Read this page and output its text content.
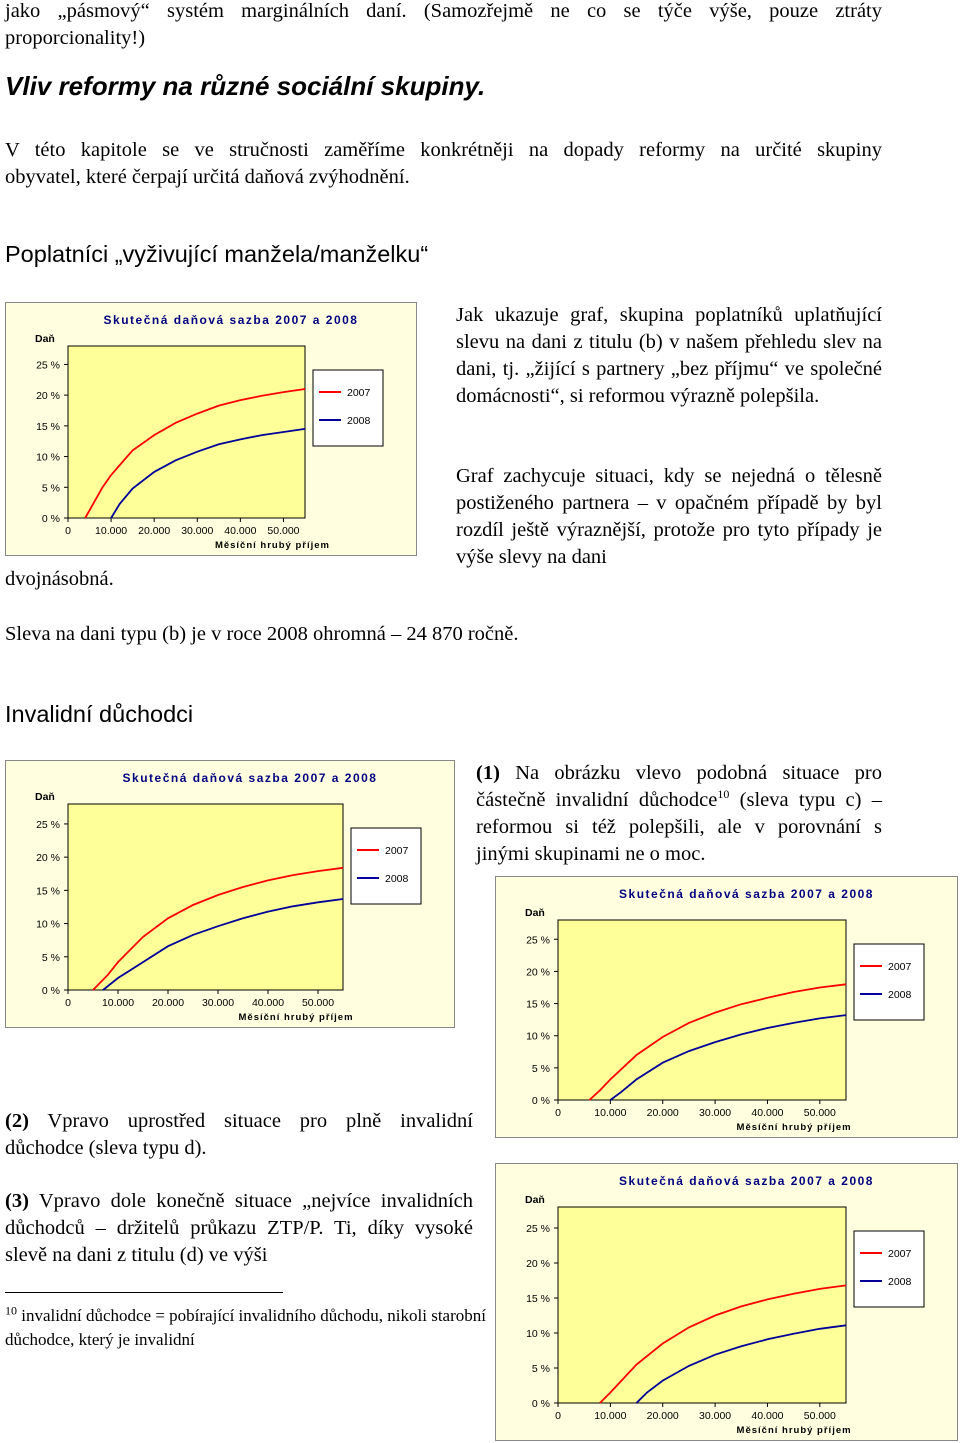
jako „pásmový“ systém marginálních daní. (Samozřejmě ne co se týče výše, pouze ztráty
proporcionality!)
Vliv reformy na různé sociální skupiny.
V této kapitole se ve stručnosti zaměříme konkrétněji na dopady reformy na určité skupiny
obyvatel, které čerpají určitá daňová zvýhodnění.
Poplatníci „vyživující manžela/manželku“
Skutečná daňová sazba 2007 a 2008
Daň
Měsíční hrubý příjem
0 %
5 %
10 %
15 %
20 %
25 %
0 10.000 20.000 30.000 40.000 50.000
2007
2008
Jak ukazuje graf, skupina poplatníků uplatňující slevu na dani z titulu (b) v našem přehledu slev na dani, tj. „žijící s partnery „bez příjmu“ ve společné domácnosti“, si reformou výrazně polepšila.
Graf zachycuje situaci, kdy se nejedná o tělesně postiženého partnera – v opačném případě by byl rozdíl ještě výraznější, protože pro tyto případy je výše slevy na dani
dvojnásobná.
Sleva na dani typu (b) je v roce 2008 ohromná – 24 870 ročně.
Invalidní důchodci
Skutečná daňová sazba 2007 a 2008
Daň
Měsíční hrubý příjem
0 %
5 %
10 %
15 %
20 %
25 %
0	10.000 20.000 30.000 40.000 50.000
2007
2008
(1) Na obrázku vlevo podobná situace pro částečně invalidní důchodce$^{10}$ (sleva typu c) – reformou si též polepšili, ale v porovnání s jinými skupinami ne o moc.
Skutečná daňová sazba 2007 a 2008
Daň
Měsíční hrubý příjem
0 %
5 %
10 %
15 %
20 %
25 %
0	10.000 20.000 30.000 40.000 50.000
2007
2008
(2) Vpravo uprostřed situace pro plně invalidní důchodce (sleva typu d).
(3) Vpravo dole konečně situace „nejvíce invalidních důchodců – držitelů průkazu ZTP/P. Ti, díky vysoké slevě na dani z titulu (d) ve výši
Skutečná daňová sazba 2007 a 2008
Daň
Měsíční hrubý příjem
0 %
5 %
10 %
15 %
20 %
25 %
0	10.000 20.000 30.000 40.000 50.000
2007
2008
$^{10}$ invalidní důchodce = pobírající invalidního důchodu, nikoli starobní důchodce, který je invalidní
